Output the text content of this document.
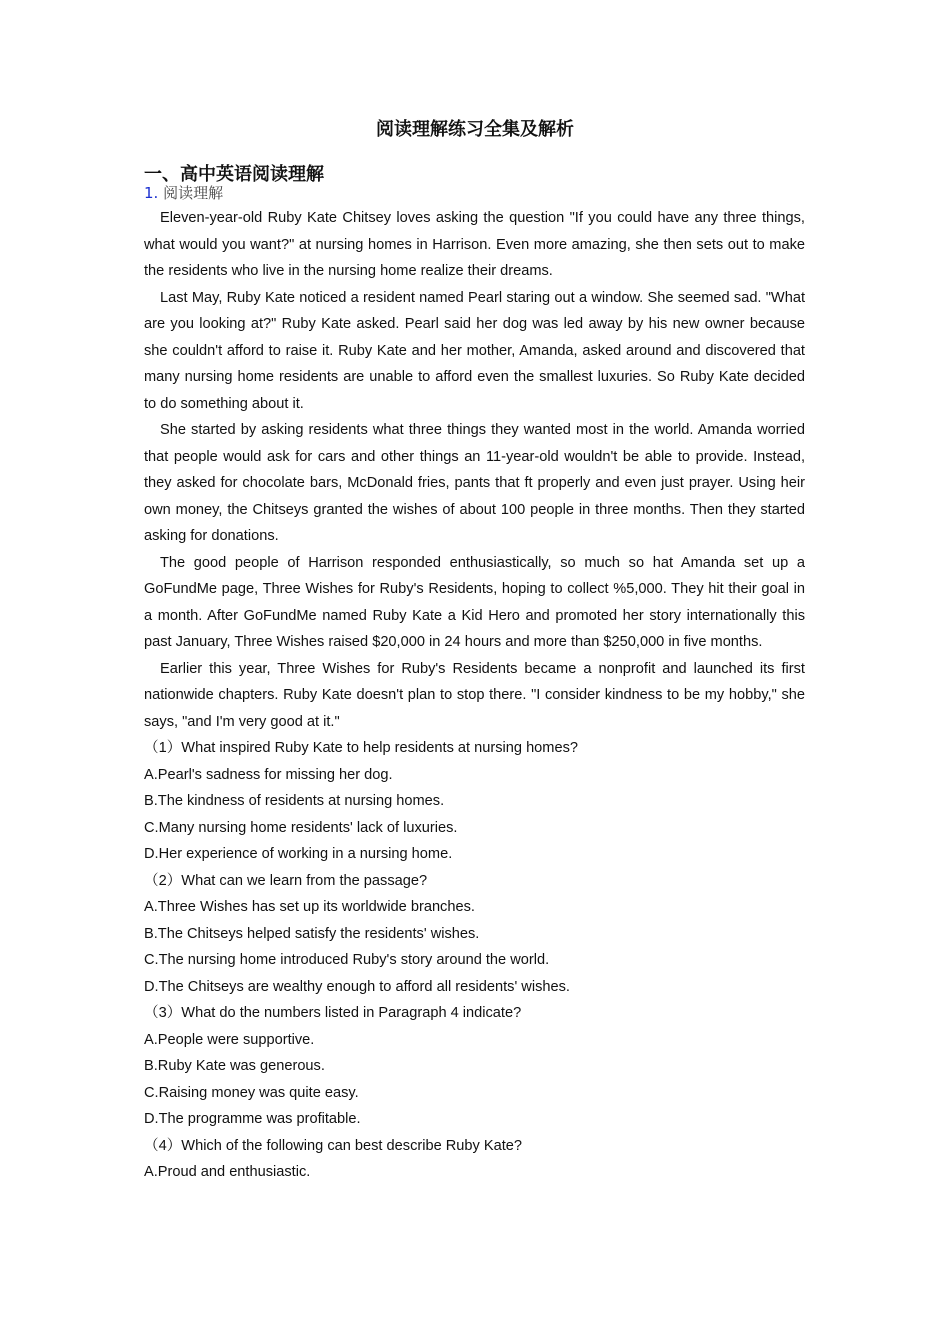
阅读理解练习全集及解析
一、高中英语阅读理解
1. 阅读理解

Eleven-year-old Ruby Kate Chitsey loves asking the question "If you could have any three things, what would you want?" at nursing homes in Harrison. Even more amazing, she then sets out to make the residents who live in the nursing home realize their dreams.

Last May, Ruby Kate noticed a resident named Pearl staring out a window. She seemed sad. "What are you looking at?" Ruby Kate asked. Pearl said her dog was led away by his new owner because she couldn't afford to raise it. Ruby Kate and her mother, Amanda, asked around and discovered that many nursing home residents are unable to afford even the smallest luxuries. So Ruby Kate decided to do something about it.

She started by asking residents what three things they wanted most in the world. Amanda worried that people would ask for cars and other things an 11-year-old wouldn't be able to provide. Instead, they asked for chocolate bars, McDonald fries, pants that ft properly and even just prayer. Using heir own money, the Chitseys granted the wishes of about 100 people in three months. Then they started asking for donations.

The good people of Harrison responded enthusiastically, so much so hat Amanda set up a GoFundMe page, Three Wishes for Ruby's Residents, hoping to collect %5,000. They hit their goal in a month. After GoFundMe named Ruby Kate a Kid Hero and promoted her story internationally this past January, Three Wishes raised $20,000 in 24 hours and more than $250,000 in five months.

Earlier this year, Three Wishes for Ruby's Residents became a nonprofit and launched its first nationwide chapters. Ruby Kate doesn't plan to stop there. "I consider kindness to be my hobby," she says, "and I'm very good at it."

（1）What inspired Ruby Kate to help residents at nursing homes?

A.Pearl's sadness for missing her dog.

B.The kindness of residents at nursing homes.

C.Many nursing home residents' lack of luxuries.

D.Her experience of working in a nursing home.

（2）What can we learn from the passage?

A.Three Wishes has set up its worldwide branches.

B.The Chitseys helped satisfy the residents' wishes.

C.The nursing home introduced Ruby's story around the world.

D.The Chitseys are wealthy enough to afford all residents' wishes.

（3）What do the numbers listed in Paragraph 4 indicate?

A.People were supportive.

B.Ruby Kate was generous.

C.Raising money was quite easy.

D.The programme was profitable.

（4）Which of the following can best describe Ruby Kate?

A.Proud and enthusiastic.
